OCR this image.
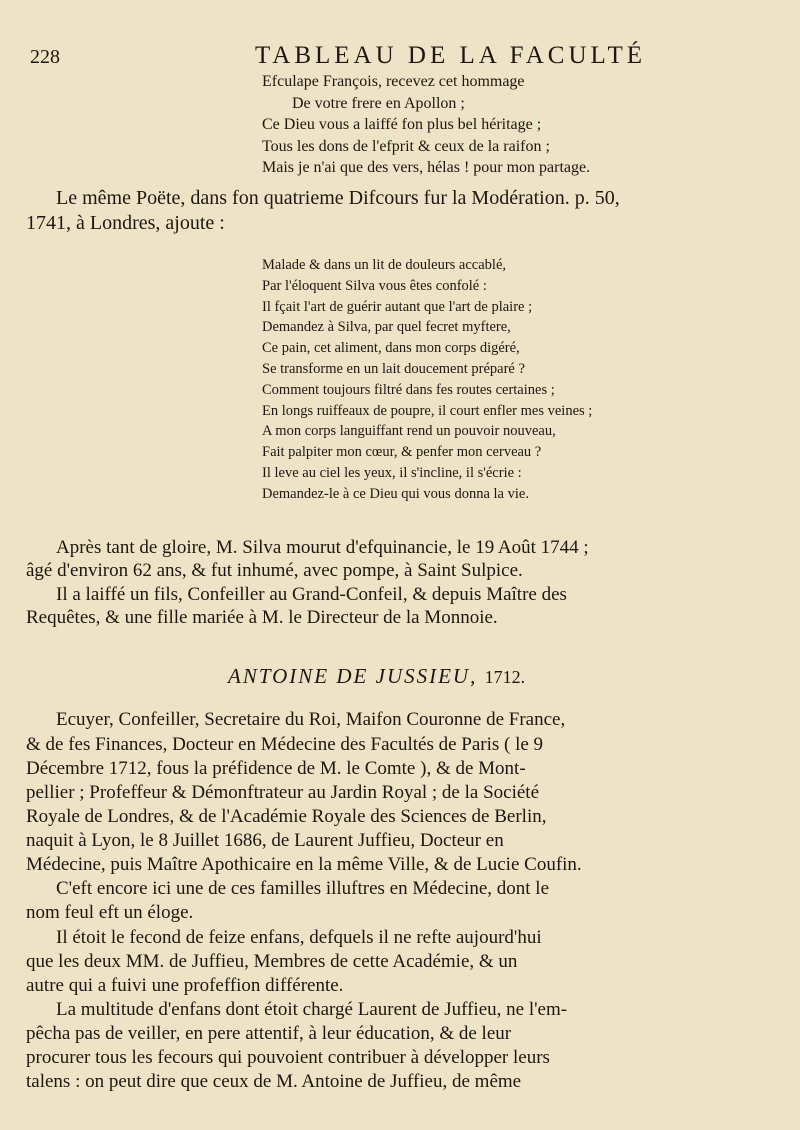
228	TABLEAU DE LA FACULTÉ
Efculape François, recevez cet hommage
De votre frere en Apollon ;
Ce Dieu vous a laiffé fon plus bel héritage ;
Tous les dons de l'efprit & ceux de la raifon ;
Mais je n'ai que des vers, hélas ! pour mon partage.
Le même Poëte, dans fon quatrieme Difcours fur la Modération. p. 50,
1741, à Londres, ajoute :
Malade & dans un lit de douleurs accablé,
Par l'éloquent Silva vous êtes confolé :
Il fçait l'art de guérir autant que l'art de plaire ;
Demandez à Silva, par quel fecret myftere,
Ce pain, cet aliment, dans mon corps digéré,
Se transforme en un lait doucement préparé ?
Comment toujours filtré dans fes routes certaines ;
En longs ruiffeaux de poupre, il court enfler mes veines ;
A mon corps languiffant rend un pouvoir nouveau,
Fait palpiter mon cœur, & penfer mon cerveau ?
Il leve au ciel les yeux, il s'incline, il s'écrie :
Demandez-le à ce Dieu qui vous donna la vie.
Après tant de gloire, M. Silva mourut d'efquinancie, le 19 Août 1744 ;
âgé d'environ 62 ans, & fut inhumé, avec pompe, à Saint Sulpice.
Il a laiffé un fils, Confeiller au Grand-Confeil, & depuis Maître des
Requêtes, & une fille mariée à M. le Directeur de la Monnoie.
ANTOINE DE JUSSIEU, 1712.
Ecuyer, Confeiller, Secretaire du Roi, Maifon Couronne de France,
& de fes Finances, Docteur en Médecine des Facultés de Paris ( le 9
Décembre 1712, fous la préfidence de M. le Comte ), & de Mont-
pellier ; Profeffeur & Démonftrateur au Jardin Royal ; de la Société
Royale de Londres, & de l'Académie Royale des Sciences de Berlin,
naquit à Lyon, le 8 Juillet 1686, de Laurent Juffieu, Docteur en
Médecine, puis Maître Apothicaire en la même Ville, & de Lucie Coufin.
C'eft encore ici une de ces familles illuftres en Médecine, dont le
nom feul eft un éloge.
Il étoit le fecond de feize enfans, defquels il ne refte aujourd'hui
que les deux MM. de Juffieu, Membres de cette Académie, & un
autre qui a fuivi une profeffion différente.
La multitude d'enfans dont étoit chargé Laurent de Juffieu, ne l'em-
pêcha pas de veiller, en pere attentif, à leur éducation, & de leur
procurer tous les fecours qui pouvoient contribuer à développer leurs
talens : on peut dire que ceux de M. Antoine de Juffieu, de même
